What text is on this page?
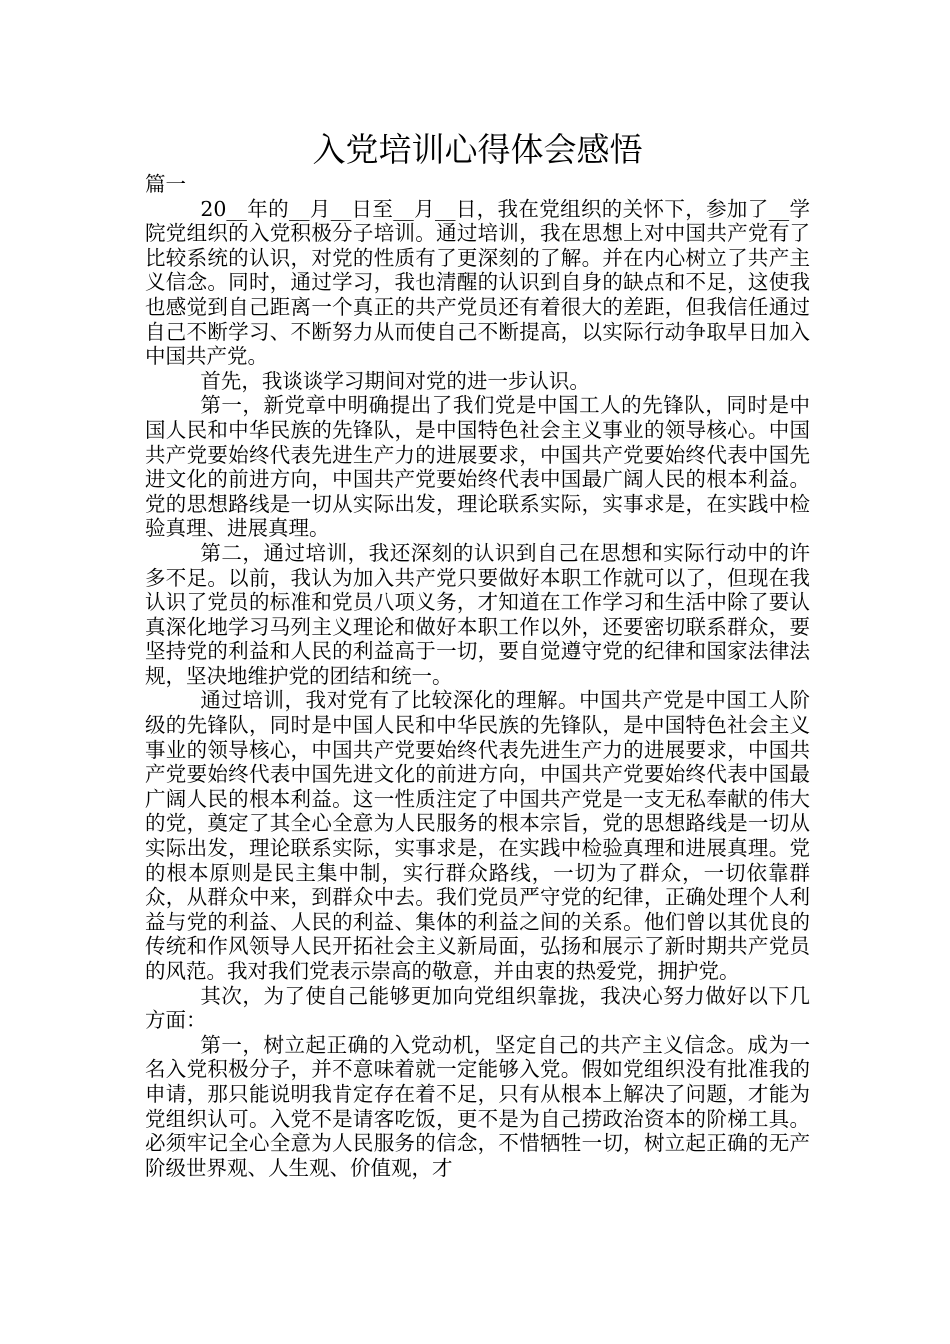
入党培训心得体会感悟

篇一

20__年的__月__日至__月__日，我在党组织的关怀下，参加了__学院党组织的入党积极分子培训。通过培训，我在思想上对中国共产党有了比较系统的认识，对党的性质有了更深刻的了解。并在内心树立了共产主义信念。同时，通过学习，我也清醒的认识到自身的缺点和不足，这使我也感觉到自己距离一个真正的共产党员还有着很大的差距，但我信任通过自己不断学习、不断努力从而使自己不断提高，以实际行动争取早日加入中国共产党。

首先，我谈谈学习期间对党的进一步认识。

第一，新党章中明确提出了我们党是中国工人的先锋队，同时是中国人民和中华民族的先锋队，是中国特色社会主义事业的领导核心。中国共产党要始终代表先进生产力的进展要求，中国共产党要始终代表中国先进文化的前进方向，中国共产党要始终代表中国最广阔人民的根本利益。党的思想路线是一切从实际出发，理论联系实际，实事求是，在实践中检验真理、进展真理。

第二，通过培训，我还深刻的认识到自己在思想和实际行动中的许多不足。以前，我认为加入共产党只要做好本职工作就可以了，但现在我认识了党员的标准和党员八项义务，才知道在工作学习和生活中除了要认真深化地学习马列主义理论和做好本职工作以外，还要密切联系群众，要坚持党的利益和人民的利益高于一切，要自觉遵守党的纪律和国家法律法规，坚决地维护党的团结和统一。

通过培训，我对党有了比较深化的理解。中国共产党是中国工人阶级的先锋队，同时是中国人民和中华民族的先锋队，是中国特色社会主义事业的领导核心，中国共产党要始终代表先进生产力的进展要求，中国共产党要始终代表中国先进文化的前进方向，中国共产党要始终代表中国最广阔人民的根本利益。这一性质注定了中国共产党是一支无私奉献的伟大的党，奠定了其全心全意为人民服务的根本宗旨，党的思想路线是一切从实际出发，理论联系实际，实事求是，在实践中检验真理和进展真理。党的根本原则是民主集中制，实行群众路线，一切为了群众，一切依靠群众，从群众中来，到群众中去。我们党员严守党的纪律，正确处理个人利益与党的利益、人民的利益、集体的利益之间的关系。他们曾以其优良的传统和作风领导人民开拓社会主义新局面，弘扬和展示了新时期共产党员的风范。我对我们党表示崇高的敬意，并由衷的热爱党，拥护党。

其次，为了使自己能够更加向党组织靠拢，我决心努力做好以下几方面：

第一，树立起正确的入党动机，坚定自己的共产主义信念。成为一名入党积极分子，并不意味着就一定能够入党。假如党组织没有批准我的申请，那只能说明我肯定存在着不足，只有从根本上解决了问题，才能为党组织认可。入党不是请客吃饭，更不是为自己捞政治资本的阶梯工具。必须牢记全心全意为人民服务的信念，不惜牺牲一切，树立起正确的无产阶级世界观、人生观、价值观，才
